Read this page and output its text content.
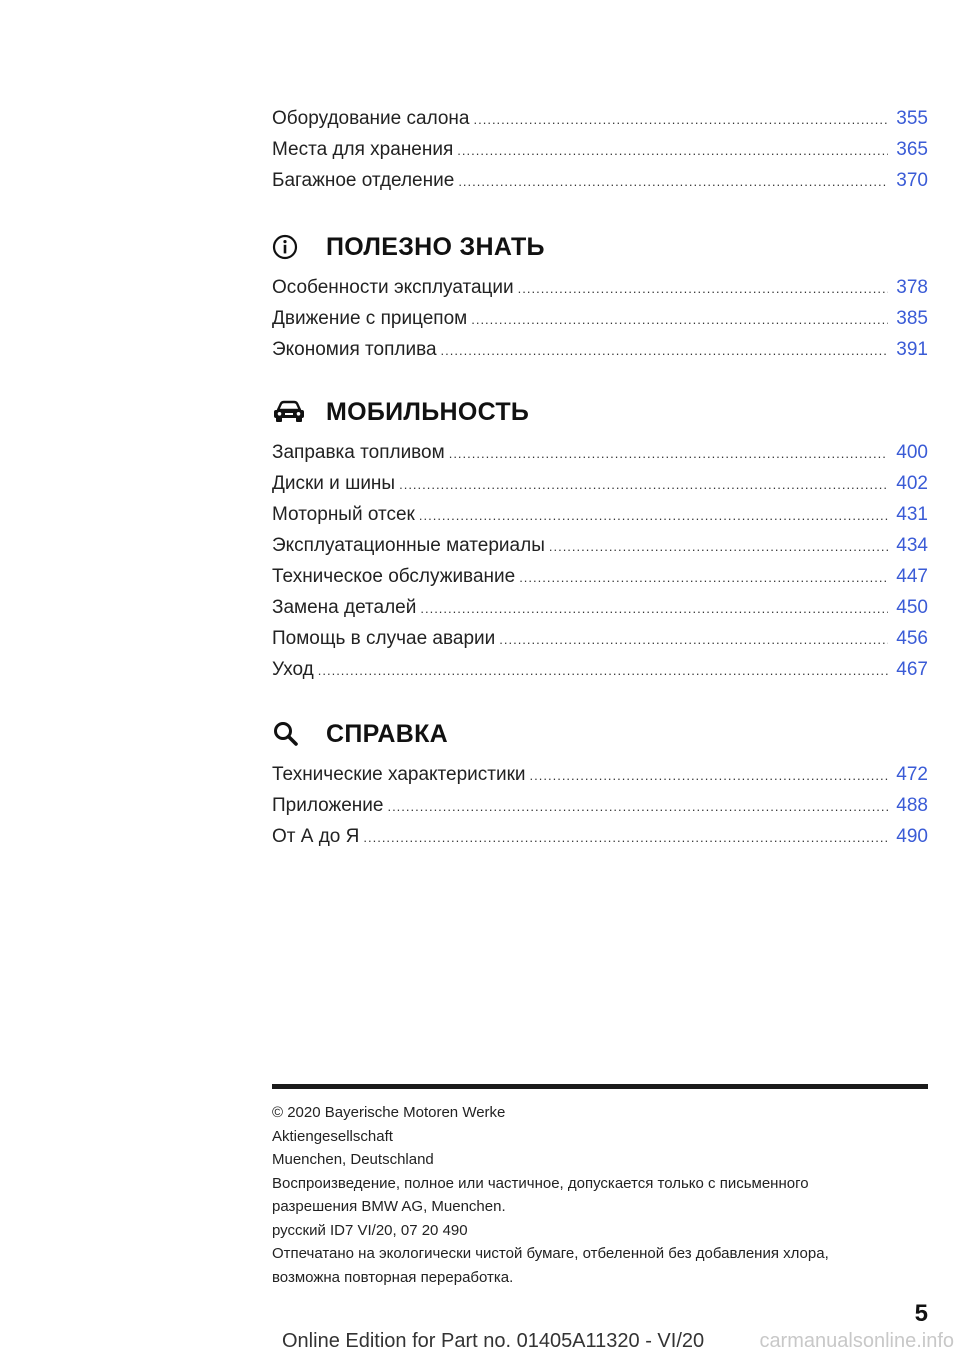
Оборудование салона .....	355
Места для хранения .....	365
Багажное отделение .....	370
ПОЛЕЗНО ЗНАТЬ
Особенности эксплуатации .....	378
Движение с прицепом .....	385
Экономия топлива .....	391
МОБИЛЬНОСТЬ
Заправка топливом .....	400
Диски и шины .....	402
Моторный отсек .....	431
Эксплуатационные материалы .....	434
Техническое обслуживание .....	447
Замена деталей .....	450
Помощь в случае аварии .....	456
Уход .....	467
СПРАВКА
Технические характеристики .....	472
Приложение .....	488
От А до Я .....	490
© 2020 Bayerische Motoren Werke
Aktiengesellschaft
Muenchen, Deutschland
Воспроизведение, полное или частичное, допускается только с письменного
разрешения BMW AG, Muenchen.
русский ID7 VI/20, 07 20 490
Отпечатано на экологически чистой бумаге, отбеленной без добавления хлора,
возможна повторная переработка.
5
carmanualsonline.info
Online Edition for Part no. 01405A11320 - VI/20
